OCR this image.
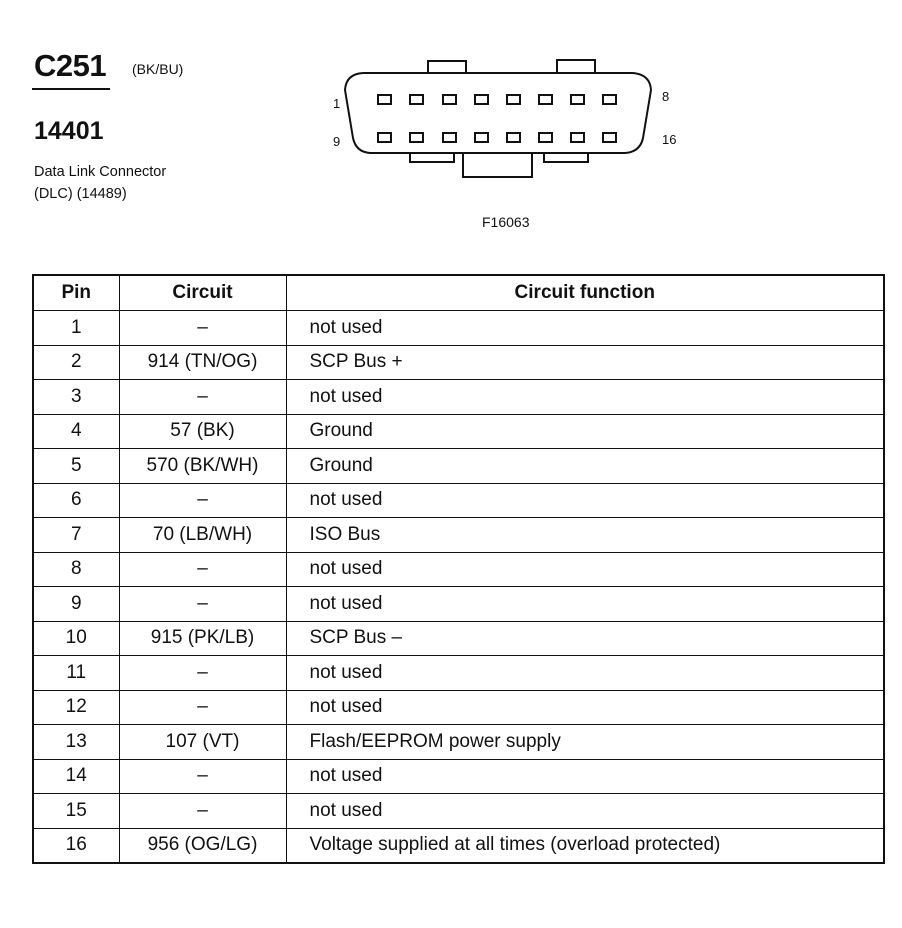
C251 (BK/BU)
14401
Data Link Connector
(DLC) (14489)
1	8
9	16
F16063
Pin	Circuit	Circuit function
1	–	not used
2	914 (TN/OG)	SCP Bus +
3	–	not used
4	57 (BK)	Ground
5	570 (BK/WH)	Ground
6	–	not used
7	70 (LB/WH)	ISO Bus
8	–	not used
9	–	not used
10	915 (PK/LB)	SCP Bus –
11	–	not used
12	–	not used
13	107 (VT)	Flash/EEPROM power supply
14	–	not used
15	–	not used
16	956 (OG/LG)	Voltage supplied at all times (overload protected)
